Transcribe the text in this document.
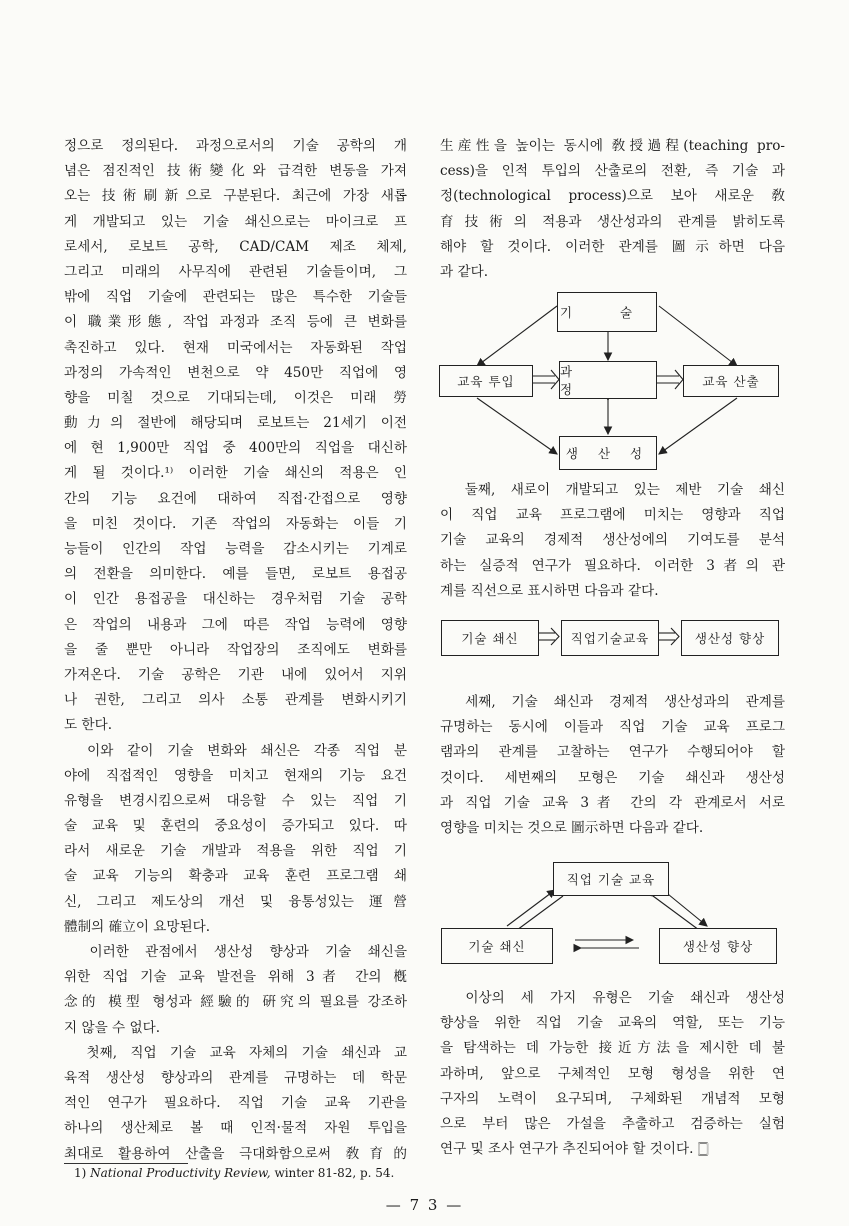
정으로 정의된다. 과정으로서의 기술 공학의 개
념은 점진적인 技術變化와 급격한 변동을 가져
오는 技術刷新으로 구분된다. 최근에 가장 새롭
게 개발되고 있는 기술 쇄신으로는 마이크로 프
로세서, 로보트 공학, CAD/CAM 제조 체제,
그리고 미래의 사무직에 관련된 기술들이며, 그
밖에 직업 기술에 관련되는 많은 특수한 기술들
이 職業形態, 작업 과정과 조직 등에 큰 변화를
촉진하고 있다. 현재 미국에서는 자동화된 작업
과정의 가속적인 변천으로 약 450만 직업에 영
향을 미칠 것으로 기대되는데, 이것은 미래 勞
動力의 절반에 해당되며 로보트는 21세기 이전
에 현 1,900만 직업 중 400만의 직업을 대신하
게 될 것이다.¹⁾ 이러한 기술 쇄신의 적용은 인
간의 기능 요건에 대하여 직접·간접으로 영향
을 미친 것이다. 기존 작업의 자동화는 이들 기
능들이 인간의 작업 능력을 감소시키는 기계로
의 전환을 의미한다. 예를 들면, 로보트 용접공
이 인간 용접공을 대신하는 경우처럼 기술 공학
은 작업의 내용과 그에 따른 작업 능력에 영향
을 줄 뿐만 아니라 작업장의 조직에도 변화를
가져온다. 기술 공학은 기관 내에 있어서 지위
나 권한, 그리고 의사 소통 관계를 변화시키기
도 한다.
　이와 같이 기술 변화와 쇄신은 각종 직업 분
야에 직접적인 영향을 미치고 현재의 기능 요건
유형을 변경시킴으로써 대응할 수 있는 직업 기
술 교육 및 훈련의 중요성이 증가되고 있다. 따
라서 새로운 기술 개발과 적용을 위한 직업 기
술 교육 기능의 확충과 교육 훈련 프로그램 쇄
신, 그리고 제도상의 개선 및 융통성있는 運營
體制의 確立이 요망된다.
　이러한 관점에서 생산성 향상과 기술 쇄신을
위한 직업 기술 교육 발전을 위해 3者 간의 槪
念的 模型 형성과 經驗的 硏究의 필요를 강조하
지 않을 수 없다.
　첫째, 직업 기술 교육 자체의 기술 쇄신과 교
육적 생산성 향상과의 관계를 규명하는 데 학문
적인 연구가 필요하다. 직업 기술 교육 기관을
하나의 생산체로 볼 때 인적·물적 자원 투입을
최대로 활용하여 산출을 극대화함으로써 敎育的
生産性을 높이는 동시에 敎授過程(teaching pro-
cess)을 인적 투입의 산출로의 전환, 즉 기술 과
정(technological process)으로 보아 새로운 敎
育技術의 적용과 생산성과의 관계를 밝히도록
해야 할 것이다. 이러한 관계를 圖示하면 다음
과 같다.
기 술
교육 투입
과 정
교육 산출
생 산 성
　둘째, 새로이 개발되고 있는 제반 기술 쇄신
이 직업 교육 프로그램에 미치는 영향과 직업
기술 교육의 경제적 생산성에의 기여도를 분석
하는 실증적 연구가 필요하다. 이러한 3者의 관
계를 직선으로 표시하면 다음과 같다.
기술 쇄신	직업기술교육	생산성 향상
　세째, 기술 쇄신과 경제적 생산성과의 관계를
규명하는 동시에 이들과 직업 기술 교육 프로그
램과의 관계를 고찰하는 연구가 수행되어야 할
것이다. 세번째의 모형은 기술 쇄신과 생산성
과 직업 기술 교육 3者 간의 각 관계로서 서로
영향을 미치는 것으로 圖示하면 다음과 같다.
직업 기술 교육
기술 쇄신	생산성 향상
　이상의 세 가지 유형은 기술 쇄신과 생산성
향상을 위한 직업 기술 교육의 역할, 또는 기능
을 탐색하는 데 가능한 接近方法을 제시한 데 불
과하며, 앞으로 구체적인 모형 형성을 위한 연
구자의 노력이 요구되며, 구체화된 개념적 모형
으로 부터 많은 가설을 추출하고 검증하는 실험
연구 및 조사 연구가 추진되어야 할 것이다. 🀆
1) National Productivity Review, winter 81-82, p. 54.
— 7 3 —
